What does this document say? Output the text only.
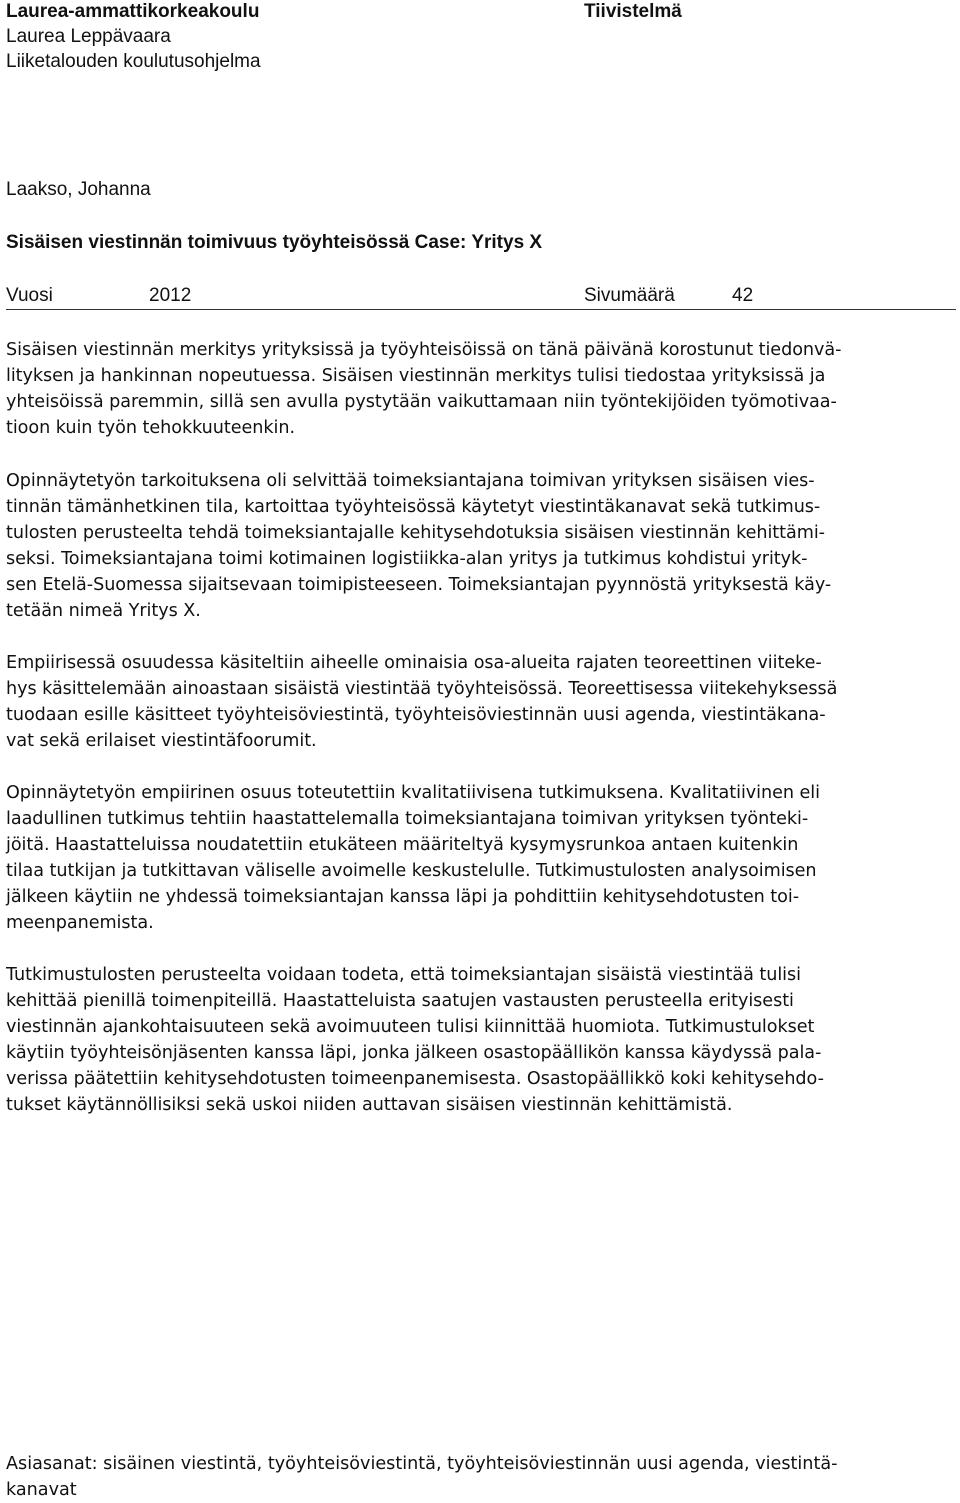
Laurea-ammattikorkeakoulu
Laurea Leppävaara
Liiketalouden koulutusohjelma
Tiivistelmä
Laakso, Johanna
Sisäisen viestinnän toimivuus työyhteisössä Case: Yritys X
Vuosi	2012	Sivumäärä	42

Sisäisen viestinnän merkitys yrityksissä ja työyhteisöissä on tänä päivänä korostunut tiedonvä-
lityksen ja hankinnan nopeutuessa. Sisäisen viestinnän merkitys tulisi tiedostaa yrityksissä ja
yhteisöissä paremmin, sillä sen avulla pystytään vaikuttamaan niin työntekijöiden työmotivaa-
tioon kuin työn tehokkuuteenkin.

Opinnäytetyön tarkoituksena oli selvittää toimeksiantajana toimivan yrityksen sisäisen vies-
tinnän tämänhetkinen tila, kartoittaa työyhteisössä käytetyt viestintäkanavat sekä tutkimus-
tulosten perusteelta tehdä toimeksiantajalle kehitysehdotuksia sisäisen viestinnän kehittämi-
seksi. Toimeksiantajana toimi kotimainen logistiikka-alan yritys ja tutkimus kohdistui yrityk-
sen Etelä-Suomessa sijaitsevaan toimipisteeseen. Toimeksiantajan pyynnöstä yrityksestä käy-
tetään nimeä Yritys X.

Empiirisessä osuudessa käsiteltiin aiheelle ominaisia osa-alueita rajaten teoreettinen viiteke-
hys käsittelemään ainoastaan sisäistä viestintää työyhteisössä. Teoreettisessa viitekehyksessä
tuodaan esille käsitteet työyhteisöviestintä, työyhteisöviestinnän uusi agenda, viestintäkana-
vat sekä erilaiset viestintäfoorumit.

Opinnäytetyön empiirinen osuus toteutettiin kvalitatiivisena tutkimuksena. Kvalitatiivinen eli
laadullinen tutkimus tehtiin haastattelemalla toimeksiantajana toimivan yrityksen työnteki-
jöitä. Haastatteluissa noudatettiin etukäteen määriteltyä kysymysrunkoa antaen kuitenkin
tilaa tutkijan ja tutkittavan väliselle avoimelle keskustelulle. Tutkimustulosten analysoimisen
jälkeen käytiin ne yhdessä toimeksiantajan kanssa läpi ja pohdittiin kehitysehdotusten toi-
meenpanemista.

Tutkimustulosten perusteelta voidaan todeta, että toimeksiantajan sisäistä viestintää tulisi
kehittää pienillä toimenpiteillä. Haastatteluista saatujen vastausten perusteella erityisesti
viestinnän ajankohtaisuuteen sekä avoimuuteen tulisi kiinnittää huomiota. Tutkimustulokset
käytiin työyhteisönjäsenten kanssa läpi, jonka jälkeen osastopäällikön kanssa käydyssä pala-
verissa päätettiin kehitysehdotusten toimeenpanemisesta. Osastopäällikkö koki kehitysehdo-
tukset käytännöllisiksi sekä uskoi niiden auttavan sisäisen viestinnän kehittämistä.

Asiasanat: sisäinen viestintä, työyhteisöviestintä, työyhteisöviestinnän uusi agenda, viestintä-
kanavat
